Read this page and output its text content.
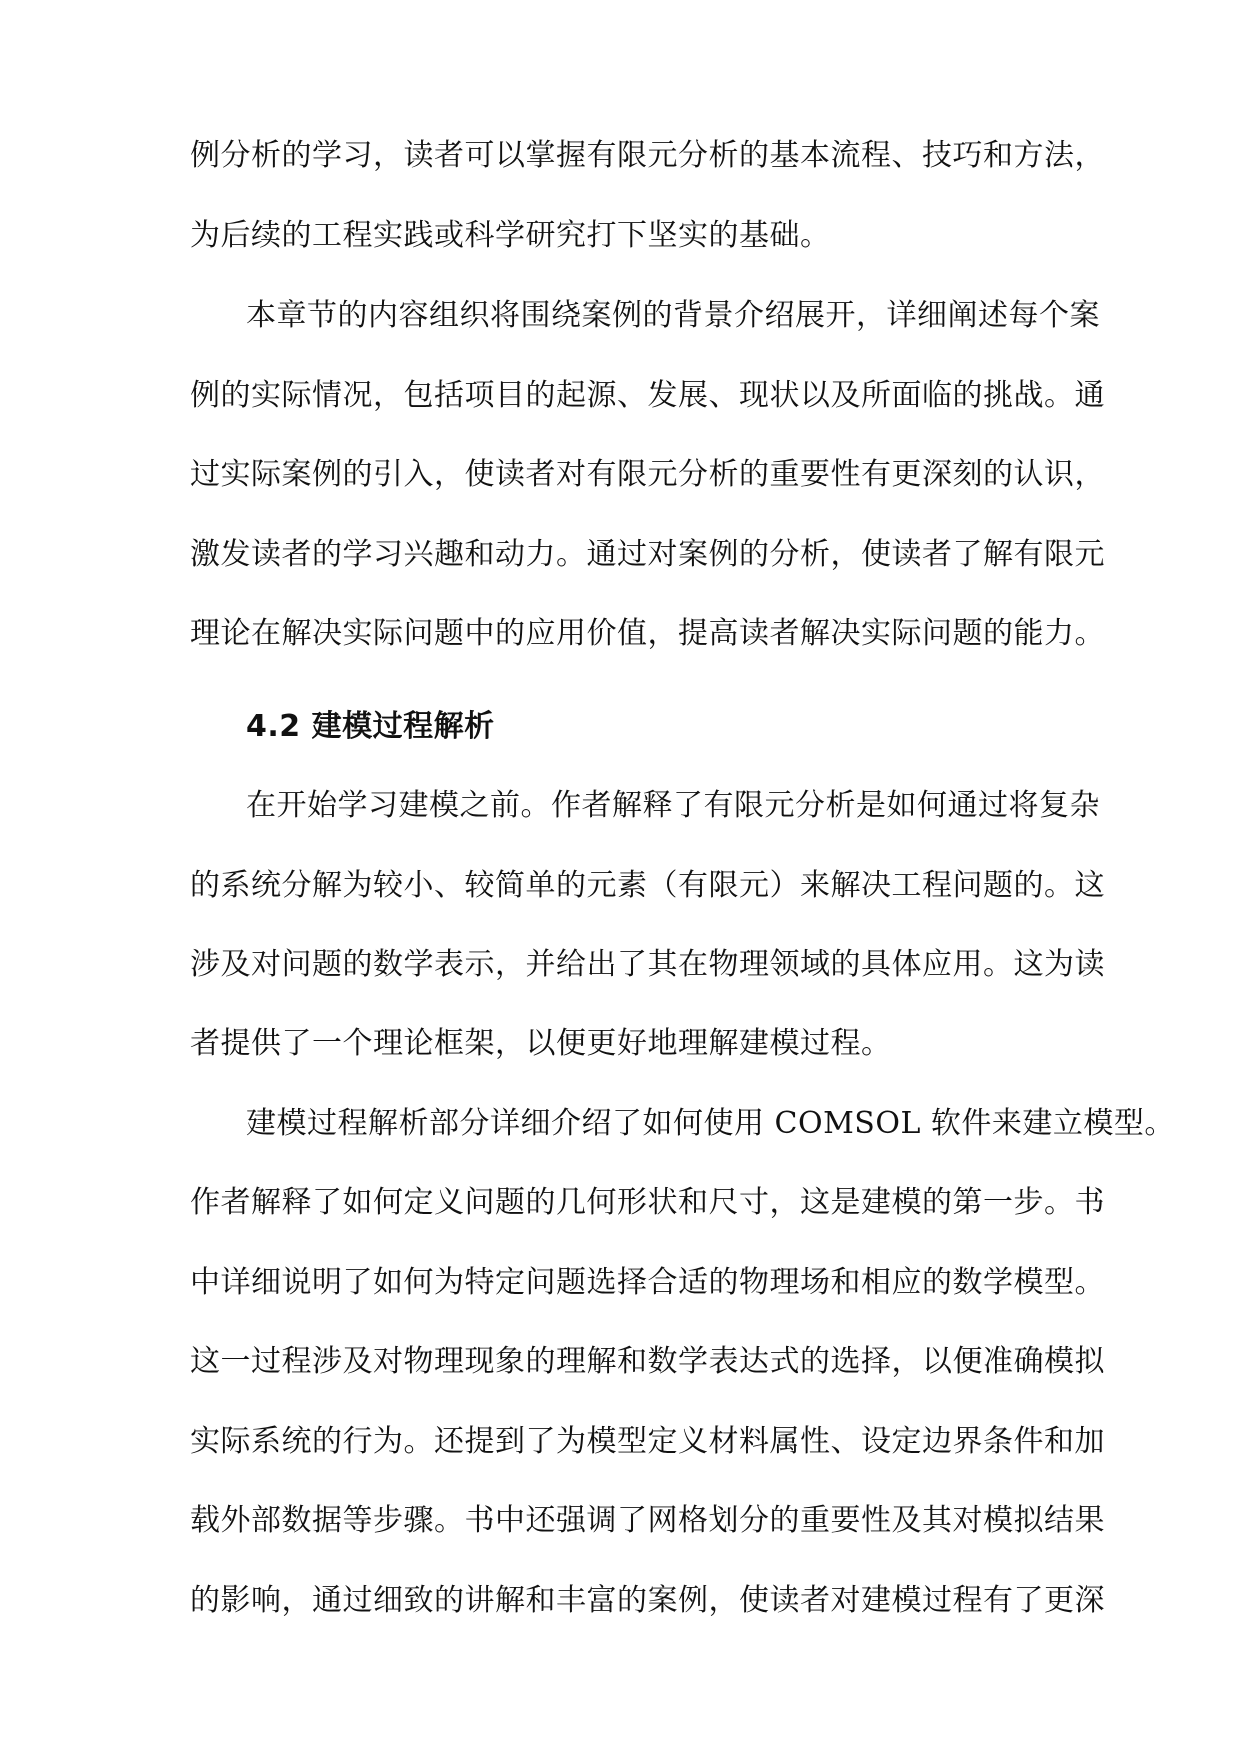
例分析的学习，读者可以掌握有限元分析的基本流程、技巧和方法，
为后续的工程实践或科学研究打下坚实的基础。
本章节的内容组织将围绕案例的背景介绍展开，详细阐述每个案
例的实际情况，包括项目的起源、发展、现状以及所面临的挑战。通
过实际案例的引入，使读者对有限元分析的重要性有更深刻的认识，
激发读者的学习兴趣和动力。通过对案例的分析，使读者了解有限元
理论在解决实际问题中的应用价值，提高读者解决实际问题的能力。
4.2 建模过程解析
在开始学习建模之前。作者解释了有限元分析是如何通过将复杂
的系统分解为较小、较简单的元素（有限元）来解决工程问题的。这
涉及对问题的数学表示，并给出了其在物理领域的具体应用。这为读
者提供了一个理论框架，以便更好地理解建模过程。
建模过程解析部分详细介绍了如何使用 COMSOL 软件来建立模型。
作者解释了如何定义问题的几何形状和尺寸，这是建模的第一步。书
中详细说明了如何为特定问题选择合适的物理场和相应的数学模型。
这一过程涉及对物理现象的理解和数学表达式的选择，以便准确模拟
实际系统的行为。还提到了为模型定义材料属性、设定边界条件和加
载外部数据等步骤。书中还强调了网格划分的重要性及其对模拟结果
的影响，通过细致的讲解和丰富的案例，使读者对建模过程有了更深
